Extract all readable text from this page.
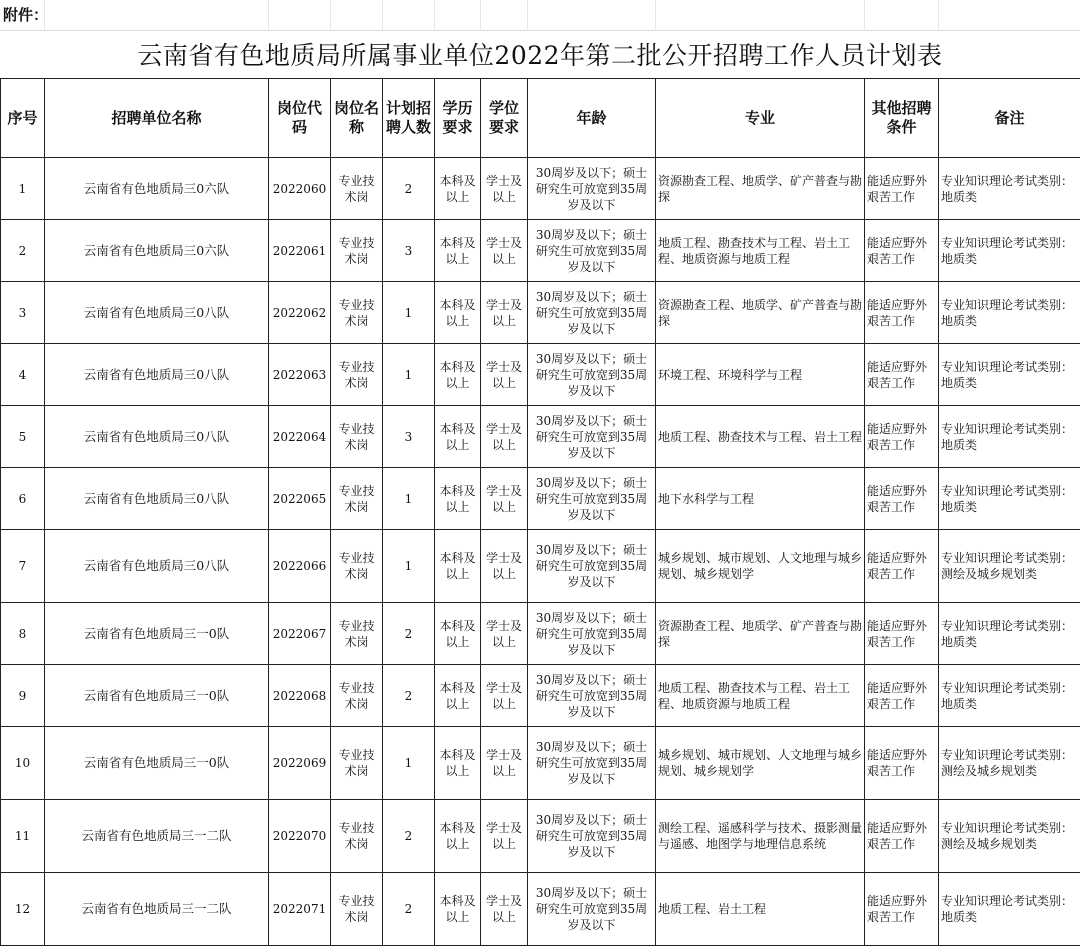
附件：
云南省有色地质局所属事业单位2022年第二批公开招聘工作人员计划表
序号	招聘单位名称	岗位代码	岗位名称	计划招聘人数	学历要求	学位要求	年龄	专业	其他招聘条件	备注
1	云南省有色地质局三0六队	2022060	专业技术岗	2	本科及以上	学士及以上	30周岁及以下；硕士研究生可放宽到35周岁及以下	资源勘查工程、地质学、矿产普查与勘探	能适应野外艰苦工作	专业知识理论考试类别：地质类
2	云南省有色地质局三0六队	2022061	专业技术岗	3	本科及以上	学士及以上	30周岁及以下；硕士研究生可放宽到35周岁及以下	地质工程、勘查技术与工程、岩土工程、地质资源与地质工程	能适应野外艰苦工作	专业知识理论考试类别：地质类
3	云南省有色地质局三0八队	2022062	专业技术岗	1	本科及以上	学士及以上	30周岁及以下；硕士研究生可放宽到35周岁及以下	资源勘查工程、地质学、矿产普查与勘探	能适应野外艰苦工作	专业知识理论考试类别：地质类
4	云南省有色地质局三0八队	2022063	专业技术岗	1	本科及以上	学士及以上	30周岁及以下；硕士研究生可放宽到35周岁及以下	环境工程、环境科学与工程	能适应野外艰苦工作	专业知识理论考试类别：地质类
5	云南省有色地质局三0八队	2022064	专业技术岗	3	本科及以上	学士及以上	30周岁及以下；硕士研究生可放宽到35周岁及以下	地质工程、勘查技术与工程、岩土工程	能适应野外艰苦工作	专业知识理论考试类别：地质类
6	云南省有色地质局三0八队	2022065	专业技术岗	1	本科及以上	学士及以上	30周岁及以下；硕士研究生可放宽到35周岁及以下	地下水科学与工程	能适应野外艰苦工作	专业知识理论考试类别：地质类
7	云南省有色地质局三0八队	2022066	专业技术岗	1	本科及以上	学士及以上	30周岁及以下；硕士研究生可放宽到35周岁及以下	城乡规划、城市规划、人文地理与城乡规划、城乡规划学	能适应野外艰苦工作	专业知识理论考试类别：测绘及城乡规划类
8	云南省有色地质局三一0队	2022067	专业技术岗	2	本科及以上	学士及以上	30周岁及以下；硕士研究生可放宽到35周岁及以下	资源勘查工程、地质学、矿产普查与勘探	能适应野外艰苦工作	专业知识理论考试类别：地质类
9	云南省有色地质局三一0队	2022068	专业技术岗	2	本科及以上	学士及以上	30周岁及以下；硕士研究生可放宽到35周岁及以下	地质工程、勘查技术与工程、岩土工程、地质资源与地质工程	能适应野外艰苦工作	专业知识理论考试类别：地质类
10	云南省有色地质局三一0队	2022069	专业技术岗	1	本科及以上	学士及以上	30周岁及以下；硕士研究生可放宽到35周岁及以下	城乡规划、城市规划、人文地理与城乡规划、城乡规划学	能适应野外艰苦工作	专业知识理论考试类别：测绘及城乡规划类
11	云南省有色地质局三一二队	2022070	专业技术岗	2	本科及以上	学士及以上	30周岁及以下；硕士研究生可放宽到35周岁及以下	测绘工程、遥感科学与技术、摄影测量与遥感、地图学与地理信息系统	能适应野外艰苦工作	专业知识理论考试类别：测绘及城乡规划类
12	云南省有色地质局三一二队	2022071	专业技术岗	2	本科及以上	学士及以上	30周岁及以下；硕士研究生可放宽到35周岁及以下	地质工程、岩土工程	能适应野外艰苦工作	专业知识理论考试类别：地质类
